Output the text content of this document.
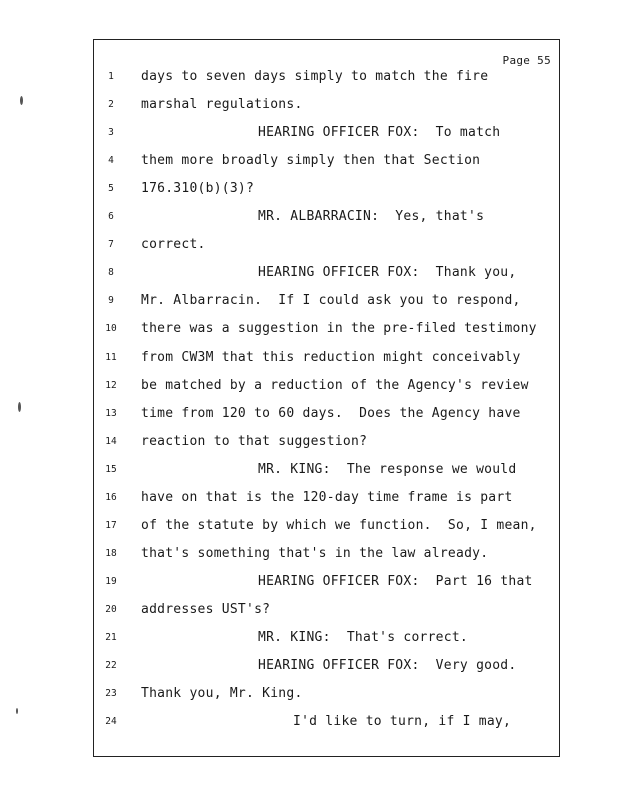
Page 55
1	days to seven days simply to match the fire
2	marshal regulations.
3	HEARING OFFICER FOX:  To match
4	them more broadly simply then that Section
5	176.310(b)(3)?
6	MR. ALBARRACIN:  Yes, that's
7	correct.
8	HEARING OFFICER FOX:  Thank you,
9	Mr. Albarracin.  If I could ask you to respond,
10	there was a suggestion in the pre-filed testimony
11	from CW3M that this reduction might conceivably
12	be matched by a reduction of the Agency's review
13	time from 120 to 60 days.  Does the Agency have
14	reaction to that suggestion?
15	MR. KING:  The response we would
16	have on that is the 120-day time frame is part
17	of the statute by which we function.  So, I mean,
18	that's something that's in the law already.
19	HEARING OFFICER FOX:  Part 16 that
20	addresses UST's?
21	MR. KING:  That's correct.
22	HEARING OFFICER FOX:  Very good.
23	Thank you, Mr. King.
24	I'd like to turn, if I may,
